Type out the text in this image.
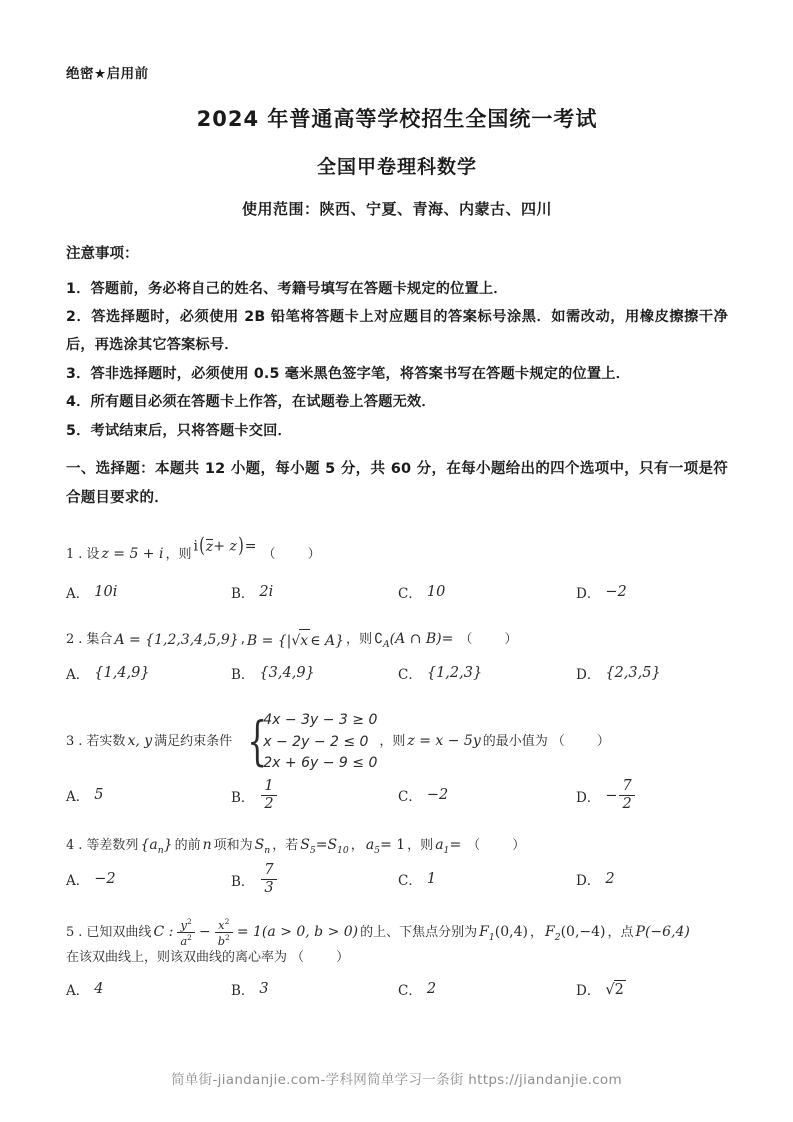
绝密★启用前
2024 年普通高等学校招生全国统一考试
全国甲卷理科数学
使用范围：陕西、宁夏、青海、内蒙古、四川
注意事项：

1．答题前，务必将自己的姓名、考籍号填写在答题卡规定的位置上．

2．答选择题时，必须使用 2B 铅笔将答题卡上对应题目的答案标号涂黑．如需改动，用橡皮擦擦干净后，再选涂其它答案标号．

3．答非选择题时，必须使用 0.5 毫米黑色签字笔，将答案书写在答题卡规定的位置上．

4．所有题目必须在答题卡上作答，在试题卷上答题无效．

5．考试结束后，只将答题卡交回．

一、选择题：本题共 12 小题，每小题 5 分，共 60 分，在每小题给出的四个选项中，只有一项是符合题目要求的．

1 . 设 z = 5 + i ， 则 i(z+ z)= （ ）
A． 10i	B． 2i	C． 10	D． −2
2 . 集合 A = {1,2,3,4,5,9} , B = {|√x ∈ A} ， 则 $∁_A(A$ ∩ B)= （ ）
A． {1,4,9}	B． {3,4,9}	C． {1,2,3}	D． {2,3,5}
3 . 若实数 x, y 满足约束条件 {
4x − 3y − 3 ≥ 0
x − 2y − 2 ≤ 0
2x + 6y − 9 ≤ 0
， 则 z = x − 5y 的最小值为 （ ）
A． 5	B． $\frac{1}{2}$	C． −2	D． − $\frac{7}{2}$
4 . 等差数列 $\{a_n\}$ 的前 n 项和为 $S_n$ ， 若 $S_5=S_{10}$ ， $a_5= 1$ ， 则 $a_1=$ （ ）
A． −2	B． $\frac{7}{3}$	C． 1	D． 2
5 . 已知双曲线 C : $\frac{y^2}{a^2} - \frac{x^2}{b^2} = 1(a > 0$, b > 0) 的上、下焦点分别为 $F_1(0,4)$ ， $F_2(0,-4)$ ， 点 P(−6,4)
在该双曲线上，则该双曲线的离心率为 （ ）
A． 4	B． 3	C． 2	D． √2
简单街-jiandanjie.com-学科网简单学习一条街 https://jiandanjie.com
